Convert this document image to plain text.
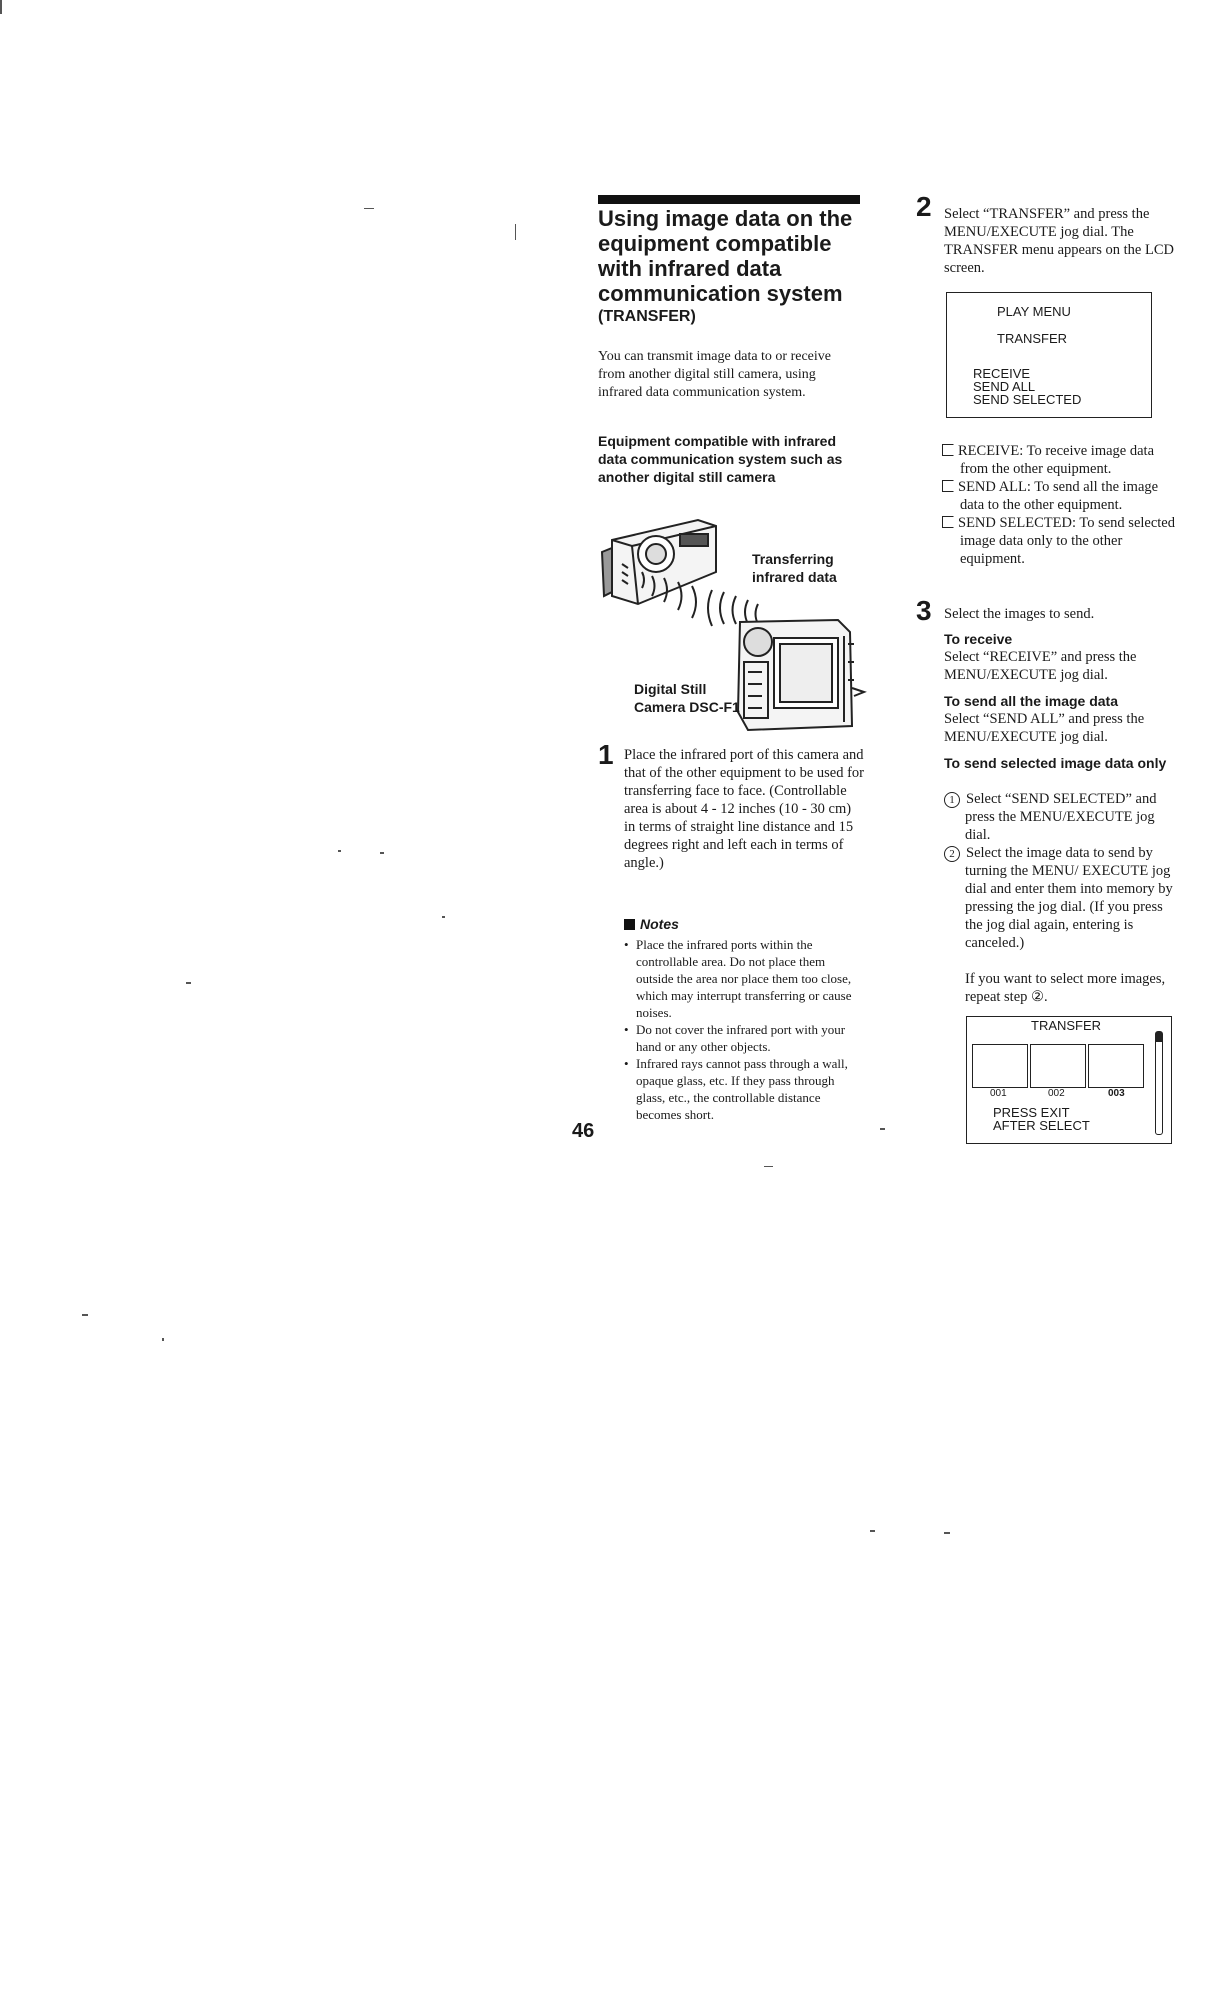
Using image data on the equipment compatible with infrared data communication system
(TRANSFER)
You can transmit image data to or receive from another digital still camera, using infrared data communication system.
Equipment compatible with infrared data communication system such as another digital still camera
Transferring
infrared data
Digital Still
Camera DSC-F1
1 Place the infrared port of this camera and that of the other equipment to be used for transferring face to face. (Controllable area is about 4 - 12 inches (10 - 30 cm) in terms of straight line distance and 15 degrees right and left each in terms of angle.)
Notes
• Place the infrared ports within the controllable area. Do not place them outside the area nor place them too close, which may interrupt transferring or cause noises.
• Do not cover the infrared port with your hand or any other objects.
• Infrared rays cannot pass through a wall, opaque glass, etc. If they pass through glass, etc., the controllable distance becomes short.
46
2 Select “TRANSFER” and press the MENU/EXECUTE jog dial. The TRANSFER menu appears on the LCD screen.
PLAY MENU
TRANSFER
RECEIVE
SEND ALL
SEND SELECTED
RECEIVE: To receive image data from the other equipment.
SEND ALL: To send all the image data to the other equipment.
SEND SELECTED: To send selected image data only to the other equipment.
3 Select the images to send.
To receive
Select “RECEIVE” and press the MENU/EXECUTE jog dial.
To send all the image data
Select “SEND ALL” and press the MENU/EXECUTE jog dial.
To send selected image data only
1 Select “SEND SELECTED” and press the MENU/EXECUTE jog dial.
2 Select the image data to send by turning the MENU/ EXECUTE jog dial and enter them into memory by pressing the jog dial. (If you press the jog dial again, entering is canceled.)
If you want to select more images, repeat step ②.
TRANSFER
PRESS EXIT
AFTER SELECT
001	002	003
